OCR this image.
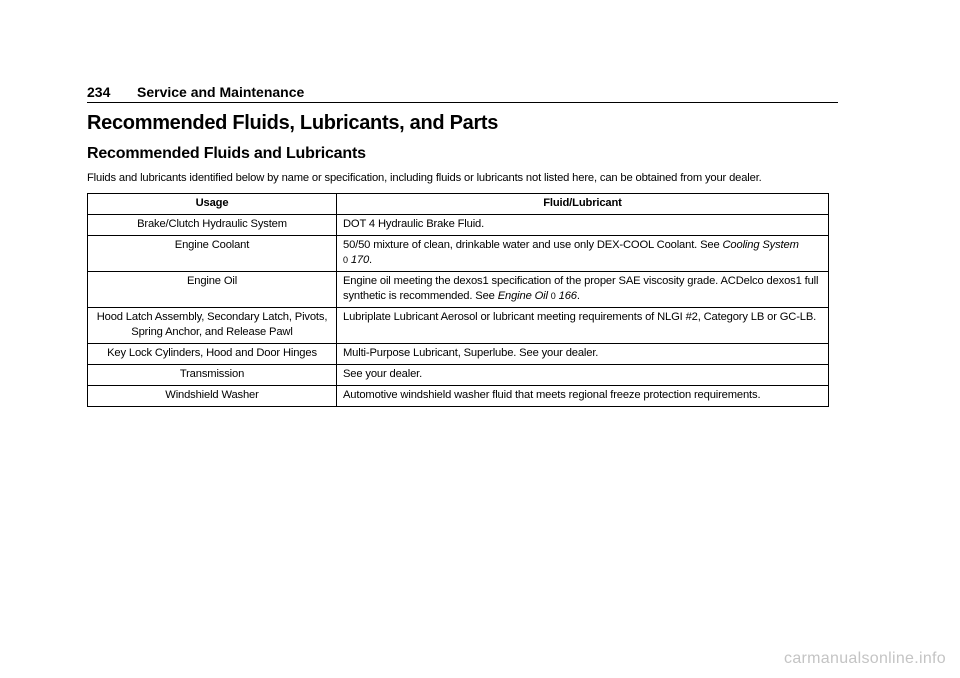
234 Service and Maintenance
Recommended Fluids, Lubricants, and Parts
Recommended Fluids and Lubricants
Fluids and lubricants identified below by name or specification, including fluids or lubricants not listed here, can be obtained from your dealer.
Usage	Fluid/Lubricant
Brake/Clutch Hydraulic System	DOT 4 Hydraulic Brake Fluid.
Engine Coolant	50/50 mixture of clean, drinkable water and use only DEX-COOL Coolant. See Cooling System
0 170.
Engine Oil	Engine oil meeting the dexos1 specification of the proper SAE viscosity grade. ACDelco dexos1 full synthetic is recommended. See Engine Oil 0 166.
Hood Latch Assembly, Secondary Latch, Pivots, Spring Anchor, and Release Pawl	Lubriplate Lubricant Aerosol or lubricant meeting requirements of NLGI #2, Category LB or GC-LB.
Key Lock Cylinders, Hood and Door Hinges	Multi-Purpose Lubricant, Superlube. See your dealer.
Transmission	See your dealer.
Windshield Washer	Automotive windshield washer fluid that meets regional freeze protection requirements.
carmanualsonline.info
